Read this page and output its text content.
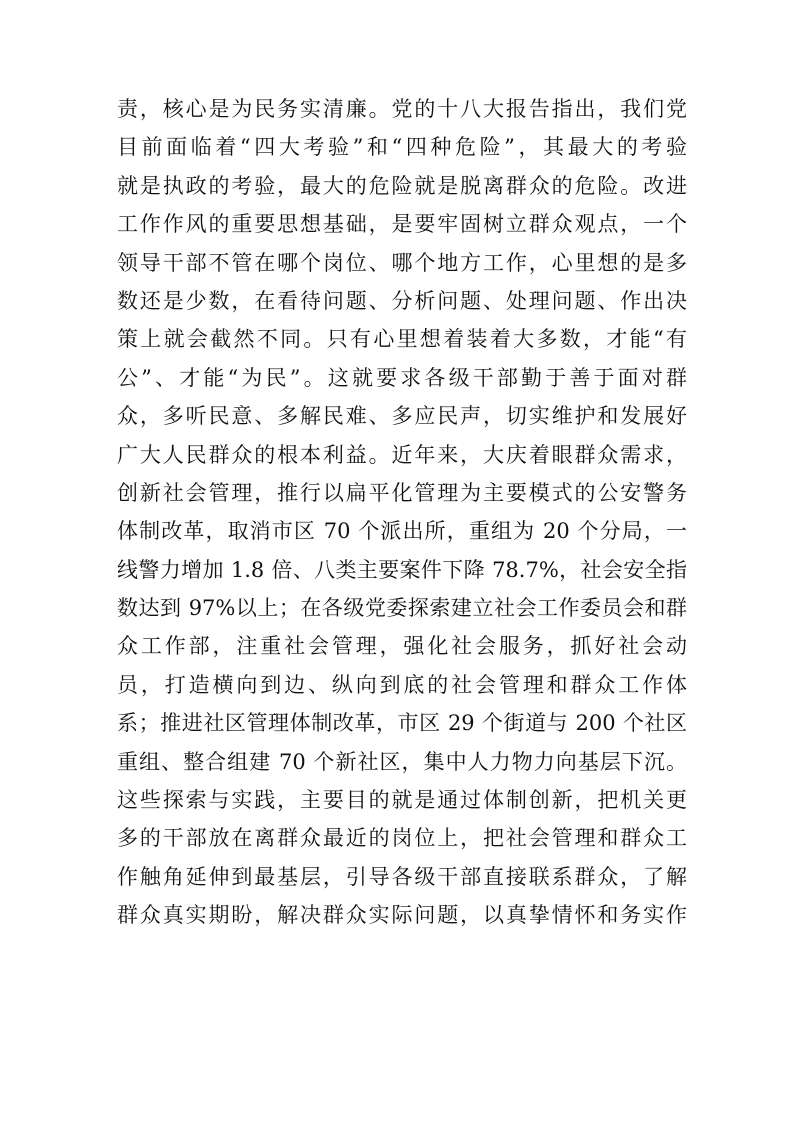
责，核心是为民务实清廉。党的十八大报告指出，我们党
目前面临着“四大考验”和“四种危险”，其最大的考验
就是执政的考验，最大的危险就是脱离群众的危险。改进
工作作风的重要思想基础，是要牢固树立群众观点，一个
领导干部不管在哪个岗位、哪个地方工作，心里想的是多
数还是少数，在看待问题、分析问题、处理问题、作出决
策上就会截然不同。只有心里想着装着大多数，才能“有
公”、才能“为民”。这就要求各级干部勤于善于面对群
众，多听民意、多解民难、多应民声，切实维护和发展好
广大人民群众的根本利益。近年来，大庆着眼群众需求，
创新社会管理，推行以扁平化管理为主要模式的公安警务
体制改革，取消市区 70 个派出所，重组为 20 个分局，一
线警力增加 1.8 倍、八类主要案件下降 78.7%，社会安全指
数达到 97%以上；在各级党委探索建立社会工作委员会和群
众工作部，注重社会管理，强化社会服务，抓好社会动
员，打造横向到边、纵向到底的社会管理和群众工作体
系；推进社区管理体制改革，市区 29 个街道与 200 个社区
重组、整合组建 70 个新社区，集中人力物力向基层下沉。
这些探索与实践，主要目的就是通过体制创新，把机关更
多的干部放在离群众最近的岗位上，把社会管理和群众工
作触角延伸到最基层，引导各级干部直接联系群众，了解
群众真实期盼，解决群众实际问题，以真挚情怀和务实作
